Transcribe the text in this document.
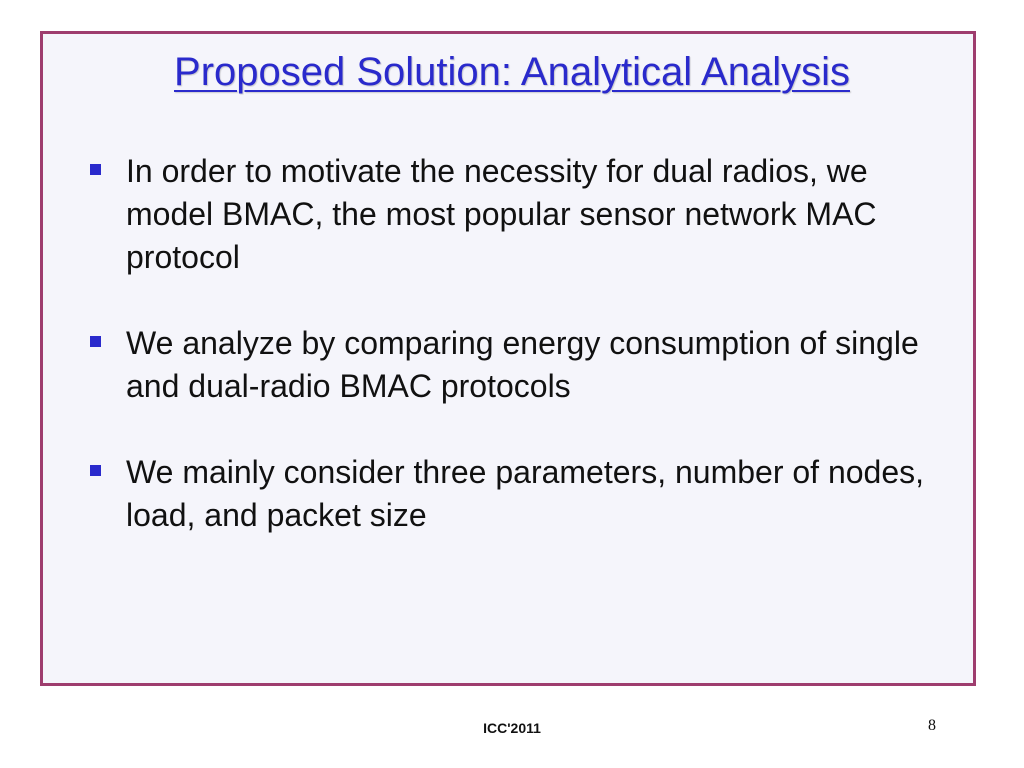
Proposed Solution: Analytical Analysis
In order to motivate the necessity for dual radios, we model BMAC, the most popular sensor network MAC protocol
We analyze by comparing energy consumption of single and dual-radio BMAC protocols
We mainly consider three parameters, number of nodes, load, and packet size
ICC'2011	8
